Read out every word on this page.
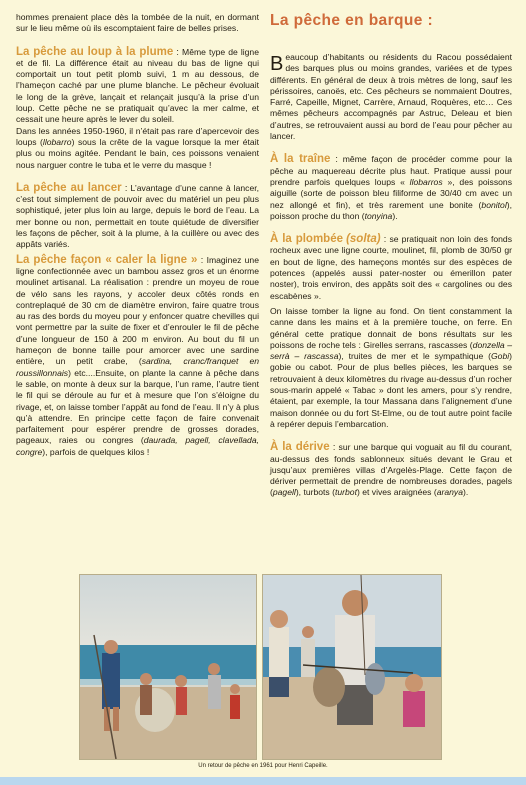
hommes prenaient place dès la tombée de la nuit, en dormant sur le lieu même où ils escomptaient faire de belles prises.

La pêche au loup à la plume : Même type de ligne et de fil. La différence était au niveau du bas de ligne qui comportait un tout petit plomb suivi, 1 m au dessous, de l’hameçon caché par une plume blanche. Le pêcheur évoluait le long de la grève, lançait et relançait jusqu’à la prise d’un loup. Cette pêche ne se pratiquait qu’avec la mer calme, et cessait une heure après le lever du soleil.
Dans les années 1950-1960, il n’était pas rare d’apercevoir des loups (llobarro) sous la crête de la vague lorsque la mer était plus ou moins agitée. Pendant le bain, ces poissons venaient nous narguer contre le tuba et le verre du masque !

La pêche au lancer : L’avantage d’une canne à lancer, c’est tout simplement de pouvoir avec du matériel un peu plus sophistiqué, jeter plus loin au large, depuis le bord de l’eau. La mer bonne ou non, permettait en toute quiétude de diversifier les façons de pêcher, soit à la plume, à la cuillère ou avec des appâts variés.

La pêche façon « caler la ligne » : Imaginez une ligne confectionnée avec un bambou assez gros et un énorme moulinet artisanal. La réalisation : prendre un moyeu de roue de vélo sans les rayons, y accoler deux côtés ronds en contreplaqué de 30 cm de diamètre environ, faire quatre trous au ras des bords du moyeu pour y enfoncer quatre chevilles qui vont permettre par la suite de fixer et d’enrouler le fil de pêche d’une longueur de 150 à 200 m environ. Au bout du fil un hameçon de bonne taille pour amorcer avec une sardine entière, un petit crabe, (sardina, cranc/franquet en roussillonnais) etc....Ensuite, on plante la canne à pêche dans le sable, on monte à deux sur la barque, l’un rame, l’autre tient le fil qui se déroule au fur et à mesure que l’on s’éloigne du rivage, et, on laisse tomber l’appât au fond de l’eau. Il n’y à plus qu’à attendre. En principe cette façon de faire convenait parfaitement pour espérer prendre de grosses dorades, pageaux, raies ou congres (daurada, pagell, clavellada, congre), parfois de quelques kilos !

La pêche en barque :

Beaucoup d’habitants ou résidents du Racou possédaient des barques plus ou moins grandes, variées et de types différents. En général de deux à trois mètres de long, sauf les périssoires, canoës, etc. Ces pêcheurs se nommaient Doutres, Farré, Capeille, Mignet, Carrère, Arnaud, Roquères, etc… Ces mêmes pêcheurs accompagnés par Astruc, Deleau et bien d’autres, se retrouvaient aussi au bord de l’eau pour pêcher au lancer.

À la traîne : même façon de procéder comme pour la pêche au maquereau décrite plus haut. Pratique aussi pour prendre parfois quelques loups « llobarros », des poissons aiguille (sorte de poisson bleu filiforme de 30/40 cm avec un nez allongé et fin), et très rarement une bonite (bonitol), poisson proche du thon (tonyina).

À la plombée (solta) : se pratiquait non loin des fonds rocheux avec une ligne courte, moulinet, fil, plomb de 30/50 gr en bout de ligne, des hameçons montés sur des espèces de potences (appelés aussi pater-noster ou émerillon pater noster), trois environ, des appâts soit des « cargolines ou des escabènes ».

On laisse tomber la ligne au fond. On tient constamment la canne dans les mains et à la première touche, on ferre. En général cette pratique donnait de bons résultats sur les poissons de roche tels : Girelles serrans, rascasses (donzella – serrà – rascassa), truites de mer et le sympathique (Gobi) gobie ou cabot. Pour de plus belles pièces, les barques se retrouvaient à deux kilomètres du rivage au-dessus d’un rocher sous-marin appelé « Tabac » dont les amers, pour s’y rendre, étaient, par exemple, la tour Massana dans l’alignement d’une maison donnée ou du fort St-Elme, ou de tout autre point facile à repérer depuis l’embarcation.

À la dérive : sur une barque qui voguait au fil du courant, au-dessus des fonds sablonneux situés devant le Grau et jusqu’aux premières villas d’Argelès-Plage. Cette façon de dériver permettait de prendre de nombreuses dorades, pagels (pagell), turbots (turbot) et vives araignées (aranya).

Un retour de pêche en 1961 pour Henri Capeille.
